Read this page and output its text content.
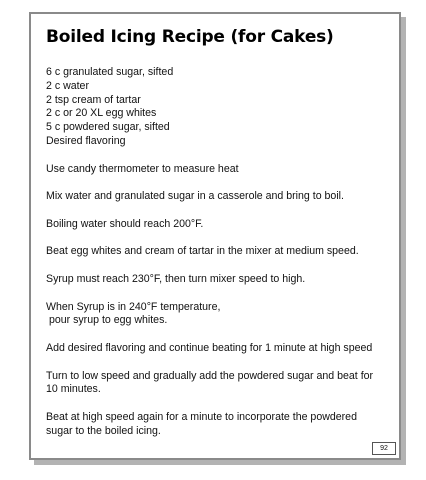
Boiled Icing Recipe (for Cakes)
6 c granulated sugar, sifted
2 c water
2 tsp cream of tartar
2 c or 20 XL egg whites
5 c powdered sugar, sifted
Desired flavoring

Use candy thermometer to measure heat

Mix water and granulated sugar in a casserole and bring to boil.

Boiling water should reach 200°F.

Beat egg whites and cream of tartar in the mixer at medium speed.

Syrup must reach 230°F, then turn mixer speed to high.

When Syrup is in 240°F temperature,
pour syrup to egg whites.

Add desired flavoring and continue beating for 1 minute at high speed

Turn to low speed and gradually add the powdered sugar and beat for
10 minutes.

Beat at high speed again for a minute to incorporate the powdered
sugar to the boiled icing.

92
